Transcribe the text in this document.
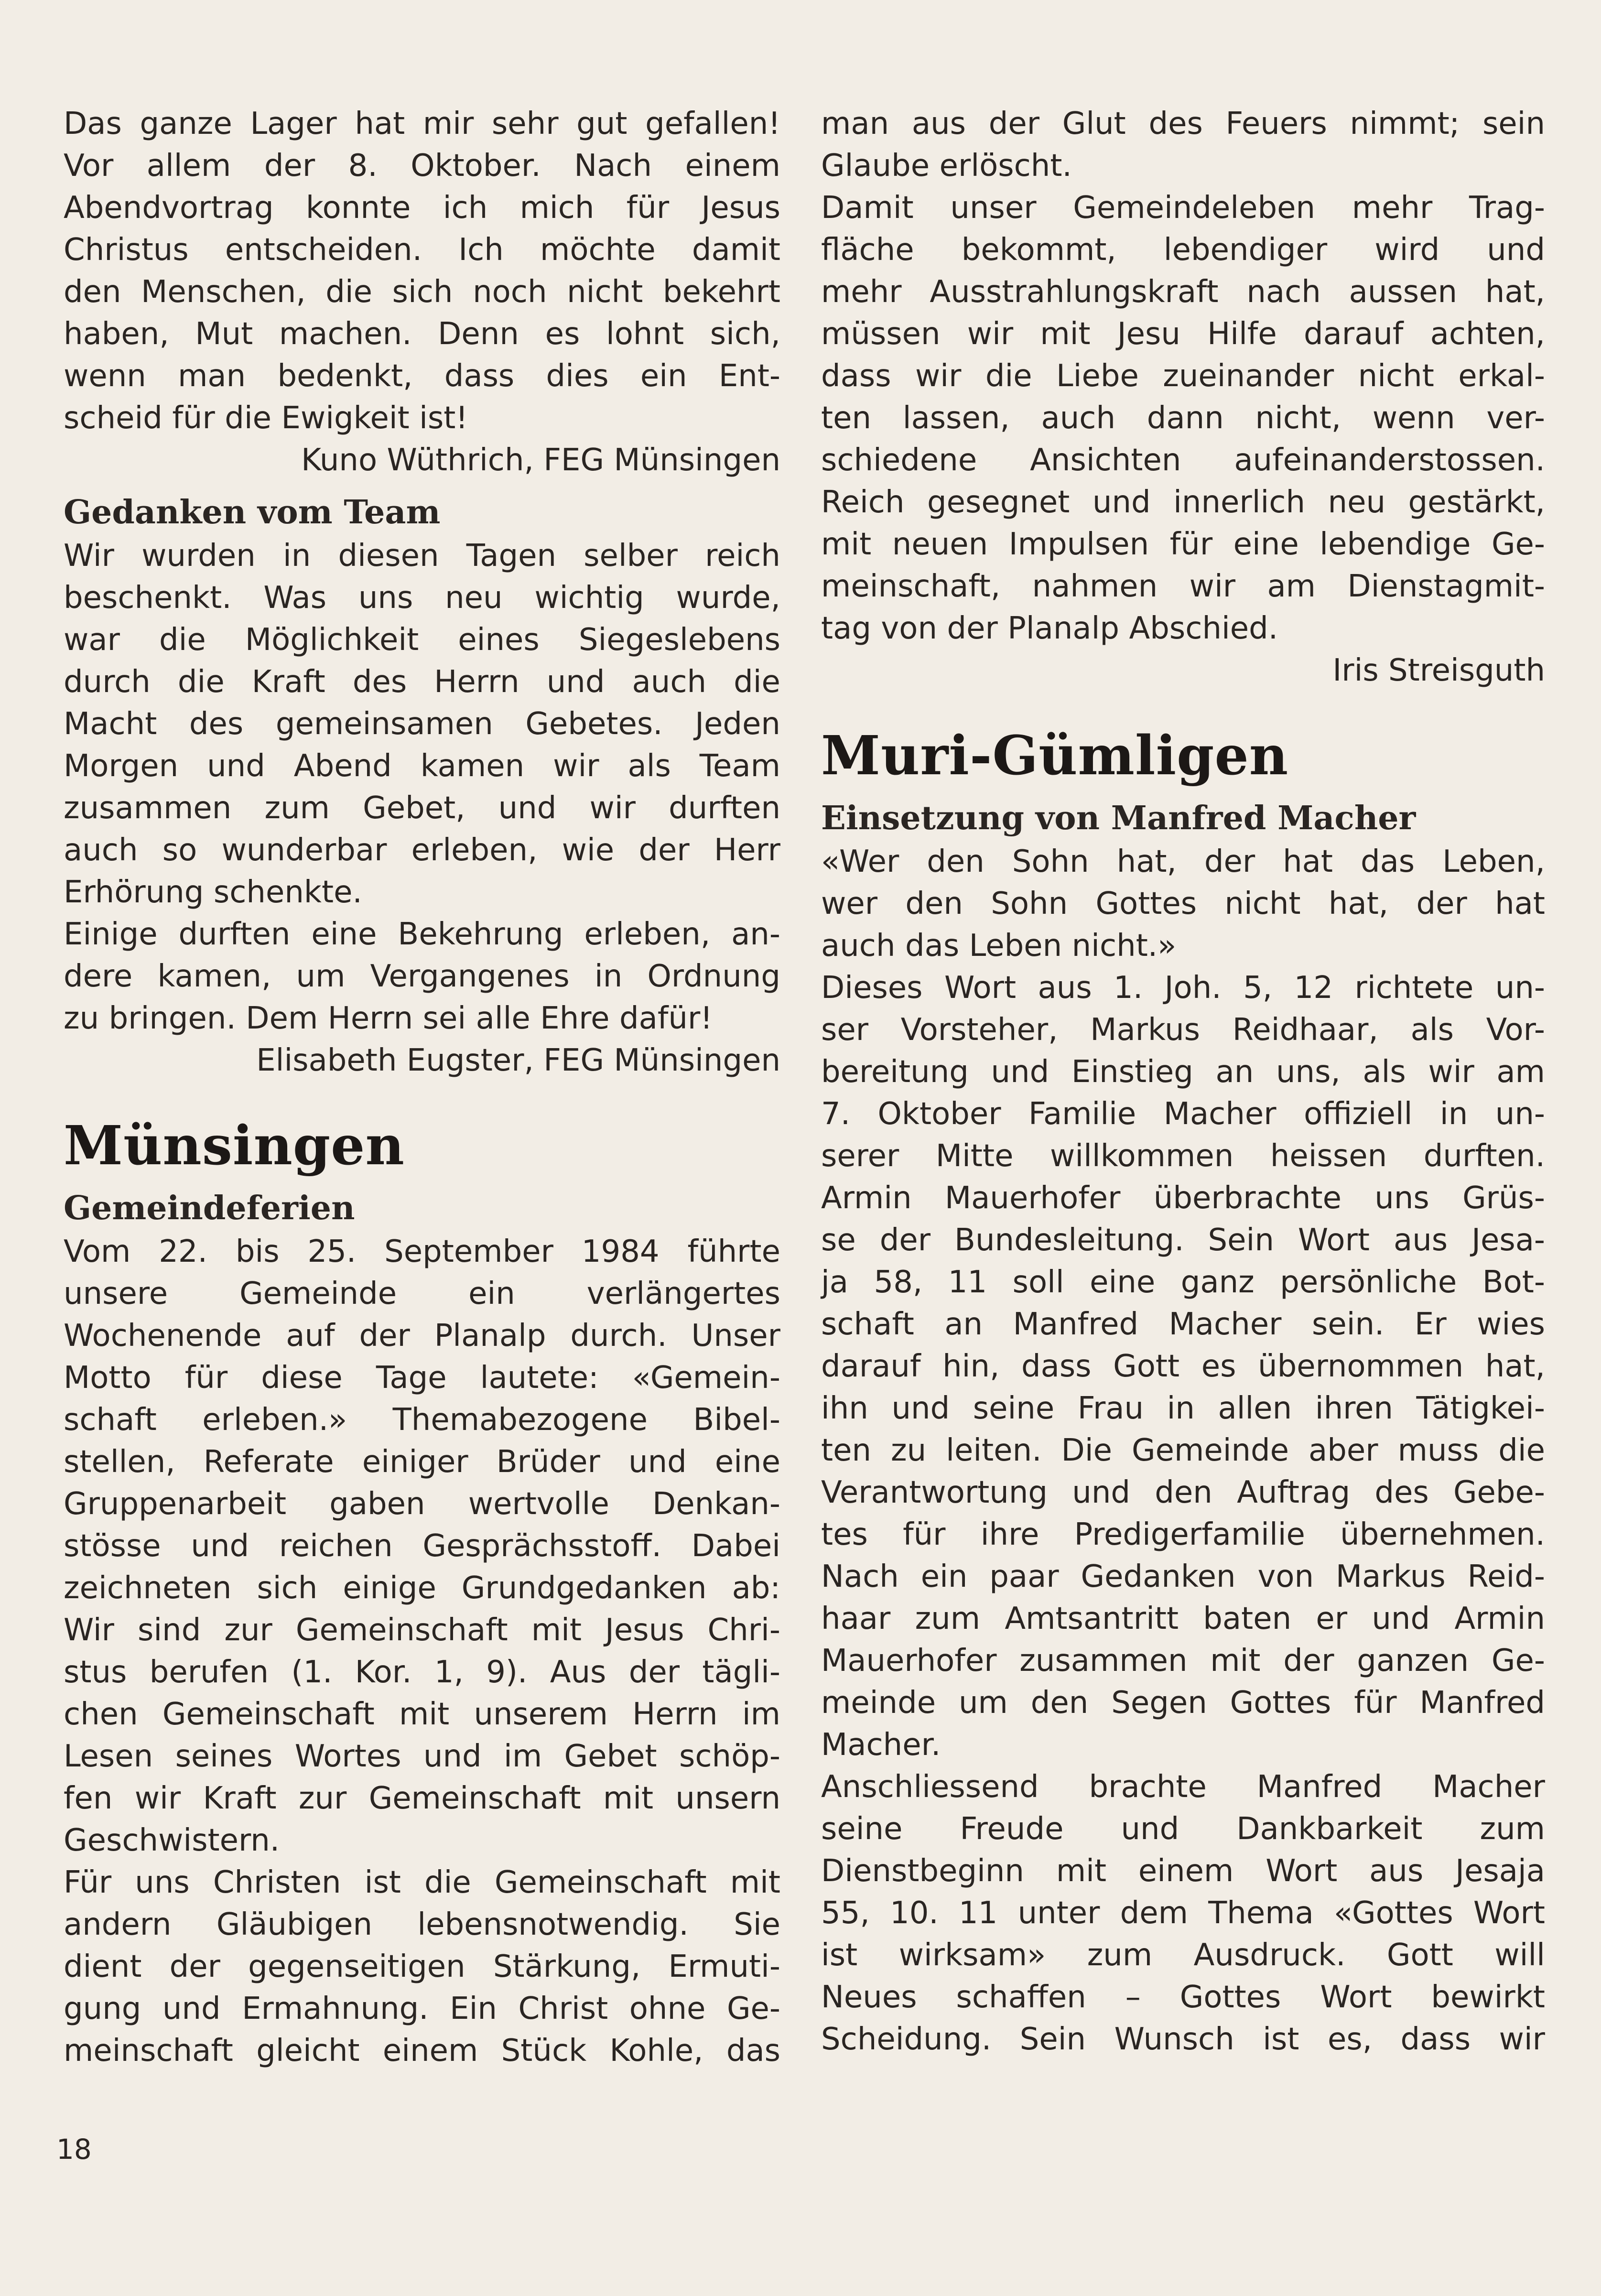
Das ganze Lager hat mir sehr gut gefallen!
Vor allem der 8. Oktober. Nach einem
Abendvortrag konnte ich mich für Jesus
Christus entscheiden. Ich möchte damit
den Menschen, die sich noch nicht bekehrt
haben, Mut machen. Denn es lohnt sich,
wenn man bedenkt, dass dies ein Ent-
scheid für die Ewigkeit ist!
Kuno Wüthrich, FEG Münsingen
Gedanken vom Team
Wir wurden in diesen Tagen selber reich
beschenkt. Was uns neu wichtig wurde,
war die Möglichkeit eines Siegeslebens
durch die Kraft des Herrn und auch die
Macht des gemeinsamen Gebetes. Jeden
Morgen und Abend kamen wir als Team
zusammen zum Gebet, und wir durften
auch so wunderbar erleben, wie der Herr
Erhörung schenkte.
Einige durften eine Bekehrung erleben, an-
dere kamen, um Vergangenes in Ordnung
zu bringen. Dem Herrn sei alle Ehre dafür!
Elisabeth Eugster, FEG Münsingen
Münsingen
Gemeindeferien
Vom 22. bis 25. September 1984 führte
unsere Gemeinde ein verlängertes
Wochenende auf der Planalp durch. Unser
Motto für diese Tage lautete: «Gemein-
schaft erleben.» Themabezogene Bibel-
stellen, Referate einiger Brüder und eine
Gruppenarbeit gaben wertvolle Denkan-
stösse und reichen Gesprächsstoff. Dabei
zeichneten sich einige Grundgedanken ab:
Wir sind zur Gemeinschaft mit Jesus Chri-
stus berufen (1. Kor. 1, 9). Aus der tägli-
chen Gemeinschaft mit unserem Herrn im
Lesen seines Wortes und im Gebet schöp-
fen wir Kraft zur Gemeinschaft mit unsern
Geschwistern.
Für uns Christen ist die Gemeinschaft mit
andern Gläubigen lebensnotwendig. Sie
dient der gegenseitigen Stärkung, Ermuti-
gung und Ermahnung. Ein Christ ohne Ge-
meinschaft gleicht einem Stück Kohle, das
man aus der Glut des Feuers nimmt; sein
Glaube erlöscht.
Damit unser Gemeindeleben mehr Trag-
fläche bekommt, lebendiger wird und
mehr Ausstrahlungskraft nach aussen hat,
müssen wir mit Jesu Hilfe darauf achten,
dass wir die Liebe zueinander nicht erkal-
ten lassen, auch dann nicht, wenn ver-
schiedene Ansichten aufeinanderstossen.
Reich gesegnet und innerlich neu gestärkt,
mit neuen Impulsen für eine lebendige Ge-
meinschaft, nahmen wir am Dienstagmit-
tag von der Planalp Abschied.
Iris Streisguth
Muri-Gümligen
Einsetzung von Manfred Macher
«Wer den Sohn hat, der hat das Leben,
wer den Sohn Gottes nicht hat, der hat
auch das Leben nicht.»
Dieses Wort aus 1. Joh. 5, 12 richtete un-
ser Vorsteher, Markus Reidhaar, als Vor-
bereitung und Einstieg an uns, als wir am
7. Oktober Familie Macher offiziell in un-
serer Mitte willkommen heissen durften.
Armin Mauerhofer überbrachte uns Grüs-
se der Bundesleitung. Sein Wort aus Jesa-
ja 58, 11 soll eine ganz persönliche Bot-
schaft an Manfred Macher sein. Er wies
darauf hin, dass Gott es übernommen hat,
ihn und seine Frau in allen ihren Tätigkei-
ten zu leiten. Die Gemeinde aber muss die
Verantwortung und den Auftrag des Gebe-
tes für ihre Predigerfamilie übernehmen.
Nach ein paar Gedanken von Markus Reid-
haar zum Amtsantritt baten er und Armin
Mauerhofer zusammen mit der ganzen Ge-
meinde um den Segen Gottes für Manfred
Macher.
Anschliessend brachte Manfred Macher
seine Freude und Dankbarkeit zum
Dienstbeginn mit einem Wort aus Jesaja
55, 10. 11 unter dem Thema «Gottes Wort
ist wirksam» zum Ausdruck. Gott will
Neues schaffen – Gottes Wort bewirkt
Scheidung. Sein Wunsch ist es, dass wir
18
